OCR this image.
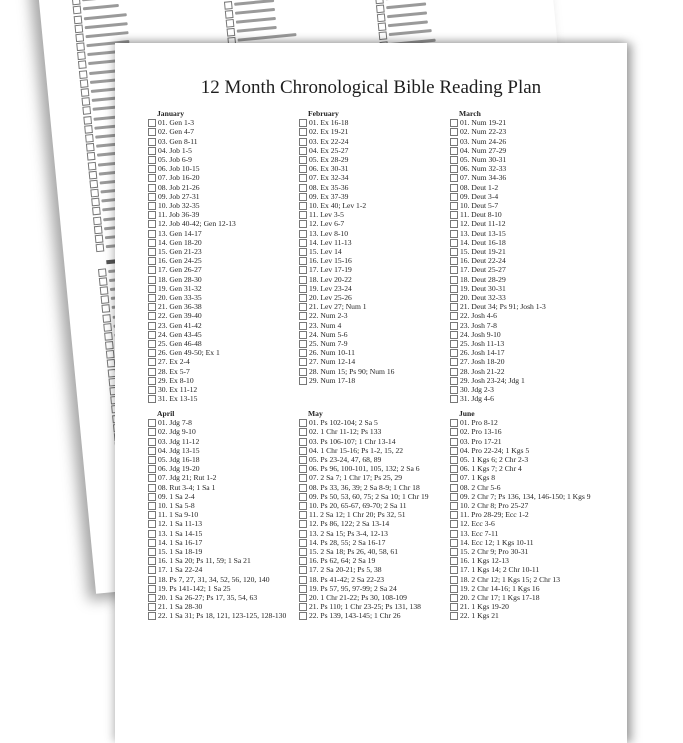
12 Month Chronological Bible Reading Plan
January
01. Gen 1-3
02. Gen 4-7
03. Gen 8-11
04. Job 1-5
05. Job 6-9
06. Job 10-15
07. Job 16-20
08. Job 21-26
09. Job 27-31
10. Job 32-35
11. Job 36-39
12. Job 40-42; Gen 12-13
13. Gen 14-17
14. Gen 18-20
15. Gen 21-23
16. Gen 24-25
17. Gen 26-27
18. Gen 28-30
19. Gen 31-32
20. Gen 33-35
21. Gen 36-38
22. Gen 39-40
23. Gen 41-42
24. Gen 43-45
25. Gen 46-48
26. Gen 49-50; Ex 1
27. Ex 2-4
28. Ex 5-7
29. Ex 8-10
30. Ex 11-12
31. Ex 13-15
February
01. Ex 16-18
02. Ex 19-21
03. Ex 22-24
04. Ex 25-27
05. Ex 28-29
06. Ex 30-31
07. Ex 32-34
08. Ex 35-36
09. Ex 37-39
10. Ex 40; Lev 1-2
11. Lev 3-5
12. Lev 6-7
13. Lev 8-10
14. Lev 11-13
15. Lev 14
16. Lev 15-16
17. Lev 17-19
18. Lev 20-22
19. Lev 23-24
20. Lev 25-26
21. Lev 27; Num 1
22. Num 2-3
23. Num 4
24. Num 5-6
25. Num 7-9
26. Num 10-11
27. Num 12-14
28. Num 15; Ps 90; Num 16
29. Num 17-18
March
01. Num 19-21
02. Num 22-23
03. Num 24-26
04. Num 27-29
05. Num 30-31
06. Num 32-33
07. Num 34-36
08. Deut 1-2
09. Deut 3-4
10. Deut 5-7
11. Deut 8-10
12. Deut 11-12
13. Deut 13-15
14. Deut 16-18
15. Deut 19-21
16. Deut 22-24
17. Deut 25-27
18. Deut 28-29
19. Deut 30-31
20. Deut 32-33
21. Deut 34; Ps 91; Josh 1-3
22. Josh 4-6
23. Josh 7-8
24. Josh 9-10
25. Josh 11-13
26. Josh 14-17
27. Josh 18-20
28. Josh 21-22
29. Josh 23-24; Jdg 1
30. Jdg 2-3
31. Jdg 4-6
April
01. Jdg 7-8
02. Jdg 9-10
03. Jdg 11-12
04. Jdg 13-15
05. Jdg 16-18
06. Jdg 19-20
07. Jdg 21; Rut 1-2
08. Rut 3-4; 1 Sa 1
09. 1 Sa 2-4
10. 1 Sa 5-8
11. 1 Sa 9-10
12. 1 Sa 11-13
13. 1 Sa 14-15
14. 1 Sa 16-17
15. 1 Sa 18-19
16. 1 Sa 20; Ps 11, 59; 1 Sa 21
17. 1 Sa 22-24
18. Ps 7, 27, 31, 34, 52, 56, 120, 140
19. Ps 141-142; 1 Sa 25
20. 1 Sa 26-27; Ps 17, 35, 54, 63
21. 1 Sa 28-30
22. 1 Sa 31; Ps 18, 121, 123-125, 128-130
May
01. Ps 102-104; 2 Sa 5
02. 1 Chr 11-12; Ps 133
03. Ps 106-107; 1 Chr 13-14
04. 1 Chr 15-16; Ps 1-2, 15, 22
05. Ps 23-24, 47, 68, 89
06. Ps 96, 100-101, 105, 132; 2 Sa 6
07. 2 Sa 7; 1 Chr 17; Ps 25, 29
08. Ps 33, 36, 39; 2 Sa 8-9; 1 Chr 18
09. Ps 50, 53, 60, 75; 2 Sa 10; 1 Chr 19
10. Ps 20, 65-67, 69-70; 2 Sa 11
11. 2 Sa 12; 1 Chr 20; Ps 32, 51
12. Ps 86, 122; 2 Sa 13-14
13. 2 Sa 15; Ps 3-4, 12-13
14. Ps 28, 55; 2 Sa 16-17
15. 2 Sa 18; Ps 26, 40, 58, 61
16. Ps 62, 64; 2 Sa 19
17. 2 Sa 20-21; Ps 5, 38
18. Ps 41-42; 2 Sa 22-23
19. Ps 57, 95, 97-99; 2 Sa 24
20. 1 Chr 21-22; Ps 30, 108-109
21. Ps 110; 1 Chr 23-25; Ps 131, 138
22. Ps 139, 143-145; 1 Chr 26
June
01. Pro 8-12
02. Pro 13-16
03. Pro 17-21
04. Pro 22-24; 1 Kgs 5
05. 1 Kgs 6; 2 Chr 2-3
06. 1 Kgs 7; 2 Chr 4
07. 1 Kgs 8
08. 2 Chr 5-6
09. 2 Chr 7; Ps 136, 134, 146-150; 1 Kgs 9
10. 2 Chr 8; Pro 25-27
11. Pro 28-29; Ecc 1-2
12. Ecc 3-6
13. Ecc 7-11
14. Ecc 12; 1 Kgs 10-11
15. 2 Chr 9; Pro 30-31
16. 1 Kgs 12-13
17. 1 Kgs 14; 2 Chr 10-11
18. 2 Chr 12; 1 Kgs 15; 2 Chr 13
19. 2 Chr 14-16; 1 Kgs 16
20. 2 Chr 17; 1 Kgs 17-18
21. 1 Kgs 19-20
22. 1 Kgs 21
